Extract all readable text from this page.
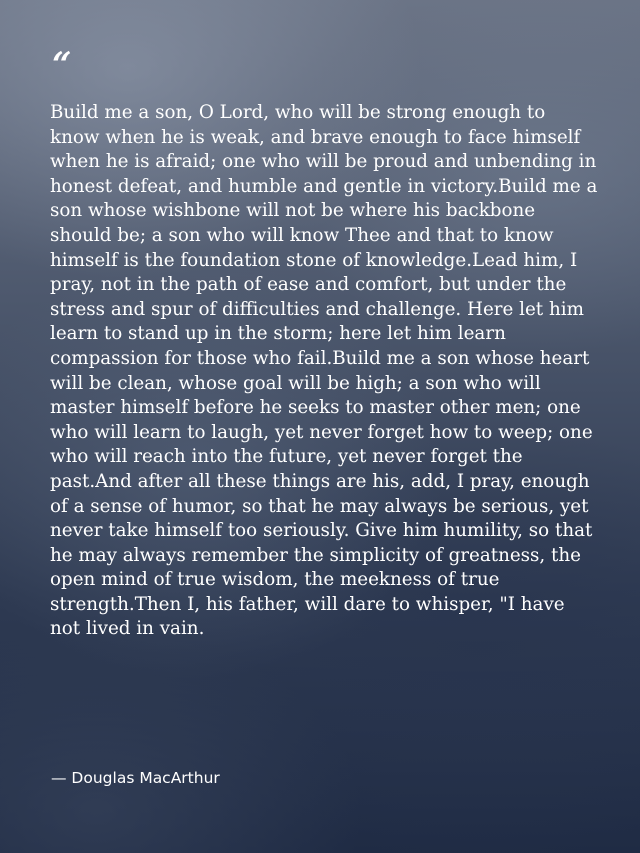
“

Build me a son, O Lord, who will be strong enough to know when he is weak, and brave enough to face himself when he is afraid; one who will be proud and unbending in honest defeat, and humble and gentle in victory.Build me a son whose wishbone will not be where his backbone should be; a son who will know Thee and that to know himself is the foundation stone of knowledge.Lead him, I pray, not in the path of ease and comfort, but under the stress and spur of difficulties and challenge. Here let him learn to stand up in the storm; here let him learn compassion for those who fail.Build me a son whose heart will be clean, whose goal will be high; a son who will master himself before he seeks to master other men; one who will learn to laugh, yet never forget how to weep; one who will reach into the future, yet never forget the past.And after all these things are his, add, I pray, enough of a sense of humor, so that he may always be serious, yet never take himself too seriously. Give him humility, so that he may always remember the simplicity of greatness, the open mind of true wisdom, the meekness of true strength.Then I, his father, will dare to whisper, "I have not lived in vain.

— Douglas MacArthur
